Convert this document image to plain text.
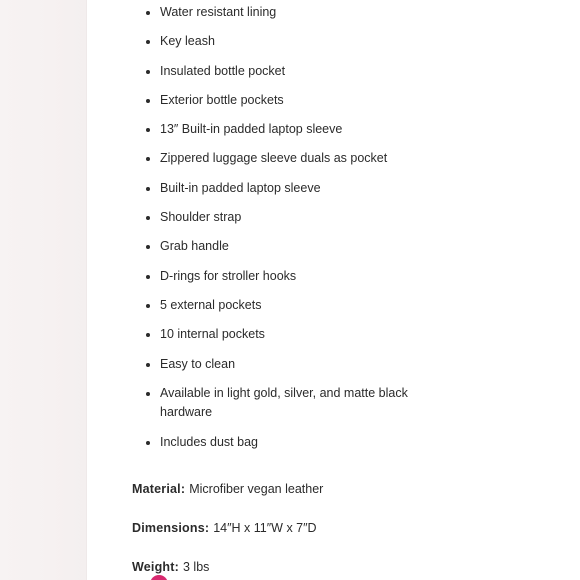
Water resistant lining
Key leash
Insulated bottle pocket
Exterior bottle pockets
13″ Built-in padded laptop sleeve
Zippered luggage sleeve duals as pocket
Built-in padded laptop sleeve
Shoulder strap
Grab handle
D-rings for stroller hooks
5 external pockets
10 internal pockets
Easy to clean
Available in light gold, silver, and matte black hardware
Includes dust bag
Material: Microfiber vegan leather
Dimensions: 14″H x 11″W x 7″D
Weight: 3 lbs
